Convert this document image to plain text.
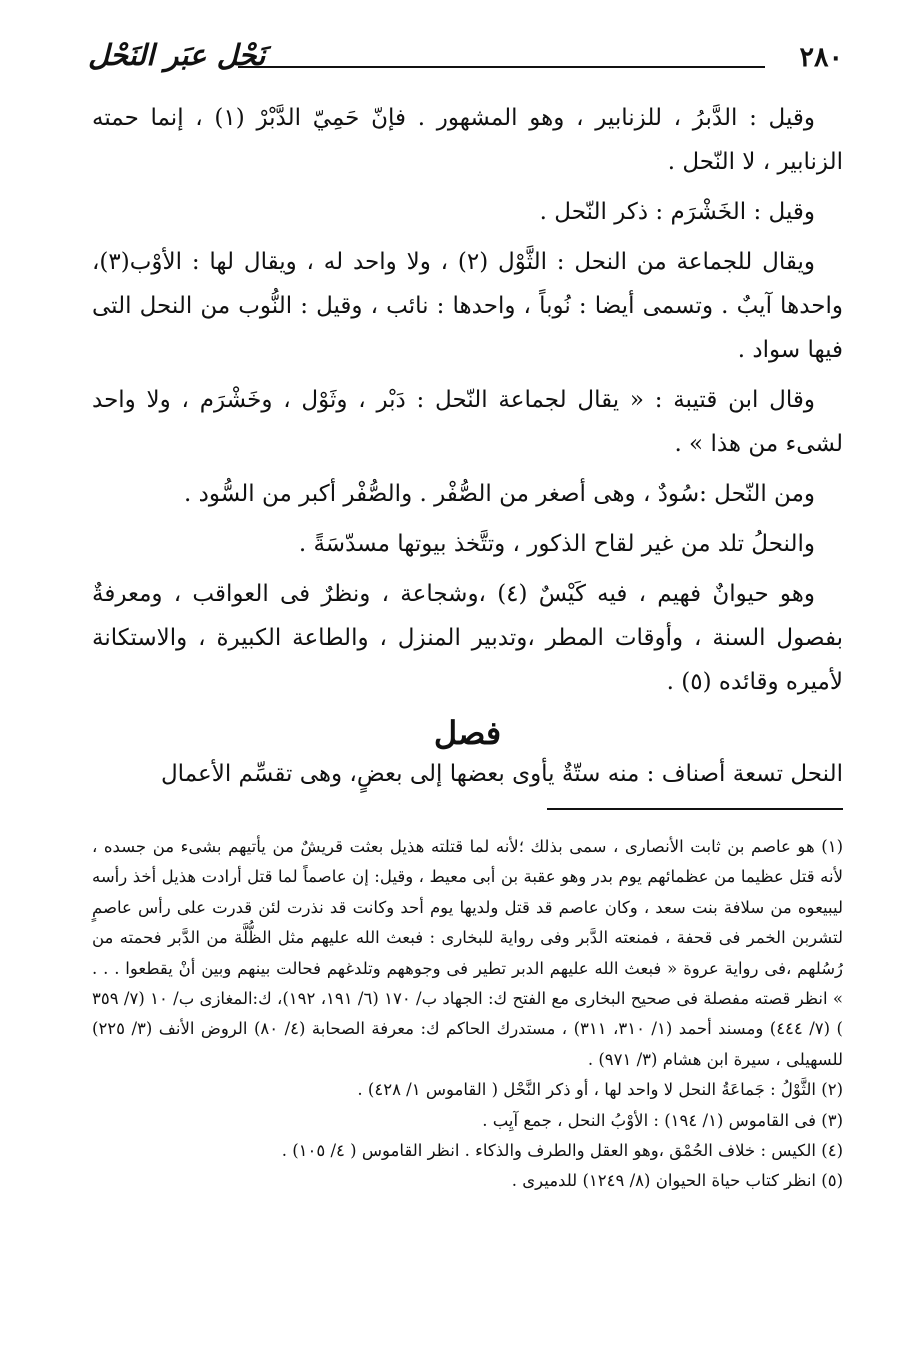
٢٨٠
نَحْل عبَر النَحْل

وقيل : الدَّبرُ ، للزنابير ، وهو المشهور . فإنّ حَمِيّ الدَّبْرْ (١) ، إنما حمته الزنابير ، لا النّحل .

وقيل : الخَشْرَم : ذكر النّحل .

ويقال للجماعة من النحل : الثَّوْل (٢) ، ولا واحد له ، ويقال لها : الأوْب(٣)، واحدها آيبٌ . وتسمى أيضا : نُوباً ، واحدها : نائب ، وقيل : النُّوب من النحل التى فيها سواد .

وقال ابن قتيبة : « يقال لجماعة النّحل : دَبْر ، وثَوْل ، وخَشْرَم ، ولا واحد لشىء من هذا » .

ومن النّحل :سُودٌ ، وهى أصغر من الصُّفْر . والصُّفْر أكبر من السُّود .

والنحلُ تلد من غير لقاح الذكور ، وتتَّخذ بيوتها مسدّسَةً .

وهو حيوانٌ فهيم ، فيه كَيْسٌ (٤) ،وشجاعة ، ونظرٌ فى العواقب ، ومعرفةٌ بفصول السنة ، وأوقات المطر ،وتدبير المنزل ، والطاعة الكبيرة ، والاستكانة لأميره وقائده (٥) .

فصل
النحل تسعة أصناف : منه ستّةٌ يأوى بعضها إلى بعضٍ، وهى تقسِّم الأعمال

(١) هو عاصم بن ثابت الأنصارى ، سمى بذلك ؛لأنه لما قتلته هذيل بعثت قريشٌ من يأتيهم بشىء من جسده ، لأنه قتل عظيما من عظمائهم يوم بدر وهو عقبة بن أبى معيط ، وقيل: إن عاصماً لما قتل أرادت هذيل أخذ رأسه ليبيعوه من سلافة بنت سعد ، وكان عاصم قد قتل ولديها يوم أحد وكانت قد نذرت لئن قدرت على رأس عاصمٍ لتشربن الخمر فى قحفة ، فمنعته الدَّبر وفى رواية للبخارى : فبعث الله عليهم مثل الظُّلَّة من الدَّبر فحمته من رُسُلهم ،فى رواية عروة « فبعث الله عليهم الدبر تطير فى وجوههم وتلدغهم فحالت بينهم وبين أنْ يقطعوا . . . » انظر قصته مفصلة فى صحيح البخارى مع الفتح ك: الجهاد ب/ ١٧٠ (٦/ ١٩١، ١٩٢)، ك:المغازى ب/ ١٠ (٧/ ٣٥٩ ) (٧/ ٤٤٤) ومسند أحمد (١/ ٣١٠، ٣١١) ، مستدرك الحاكم ك: معرفة الصحابة (٤/ ٨٠) الروض الأنف (٣/ ٢٢٥) للسهيلى ، سيرة ابن هشام (٣/ ٩٧١) .

(٢) الثَّوْلُ : جَماعَةُ النحل لا واحد لها ، أو ذكر النَّحْل ( القاموس ١/ ٤٢٨) .

(٣) فى القاموس (١/ ١٩٤) : الأوْبُ النحل ، جمع آيِب .

(٤) الكيس : خلاف الحُمْق ،وهو العقل والطرف والذكاء . انظر القاموس ( ٤/ ١٠٥) .

(٥) انظر كتاب حياة الحيوان (٨/ ١٢٤٩) للدميرى .
